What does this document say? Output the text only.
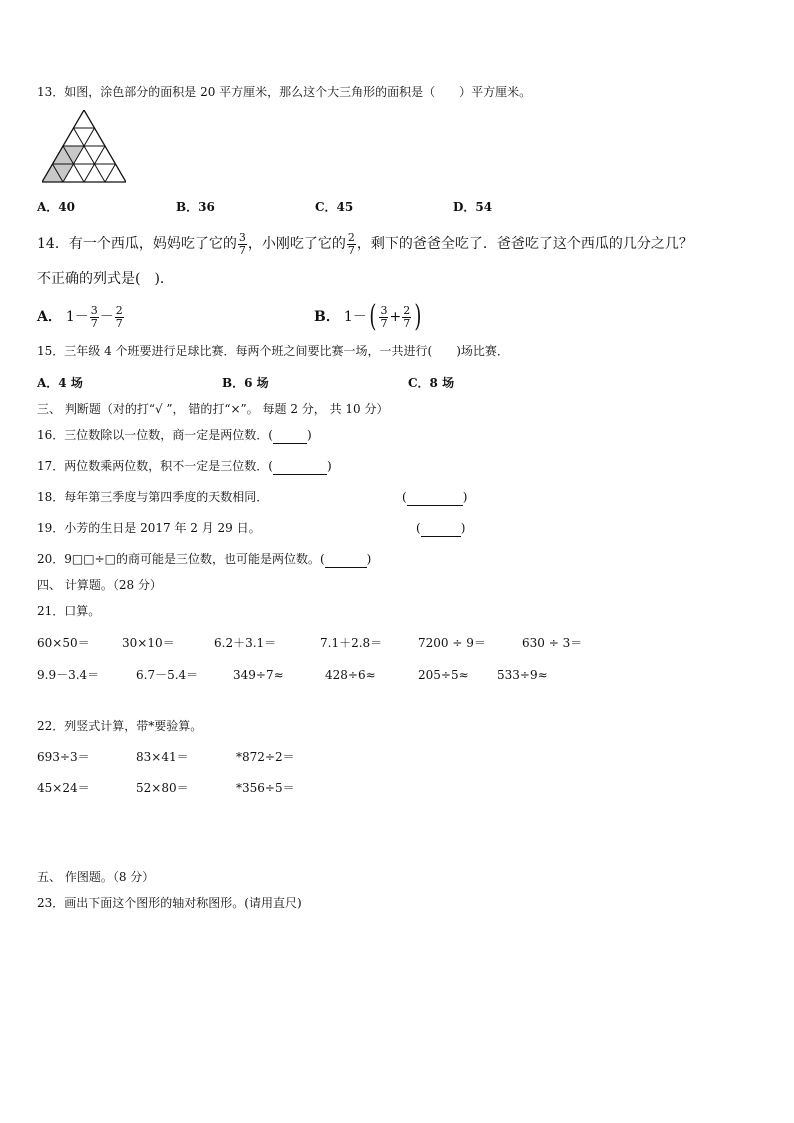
13．如图，涂色部分的面积是 20 平方厘米，那么这个大三角形的面积是（　　）平方厘米。
A．40	B．36	C．45	D．54
14．有一个西瓜，妈妈吃了它的 $\frac{3}{7}$ ，小刚吃了它的 $\frac{2}{7}$ ，剩下的爸爸全吃了．爸爸吃了这个西瓜的几分之几？
不正确的列式是(　)．
A． $1 - \frac{3}{7} - \frac{2}{7}$	B． 1 － ( $\frac{3}{7} + \frac{2}{7}$ )
15．三年级 4 个班要进行足球比赛．每两个班之间要比赛一场，一共进行(　　)场比赛．
A．4 场	B．6 场	C．8 场
三、 判断题（对的打“√ ”， 错的打“×”。 每题 2 分， 共 10 分）
16．三位数除以一位数，商一定是两位数．(	)
17．两位数乘两位数，积不一定是三位数．(	)
18．每年第三季度与第四季度的天数相同．	(	)
19．小芳的生日是 2017 年 2 月 29 日。	(	)
20．9□□÷□的商可能是三位数，也可能是两位数。(	)
四、 计算题。（28 分）
21．口算。
60×50＝	30×10＝	6.2＋3.1＝	7.1＋2.8＝	7200 ÷ 9＝	630 ÷ 3＝
9.9－3.4＝	6.7－5.4＝	349÷7≈	428÷6≈	205÷5≈ 533÷9≈
22．列竖式计算，带*要验算。
693÷3＝	83×41＝	*872÷2＝
45×24＝	52×80＝	*356÷5＝
五、 作图题。（8 分）
23．画出下面这个图形的轴对称图形。(请用直尺)
